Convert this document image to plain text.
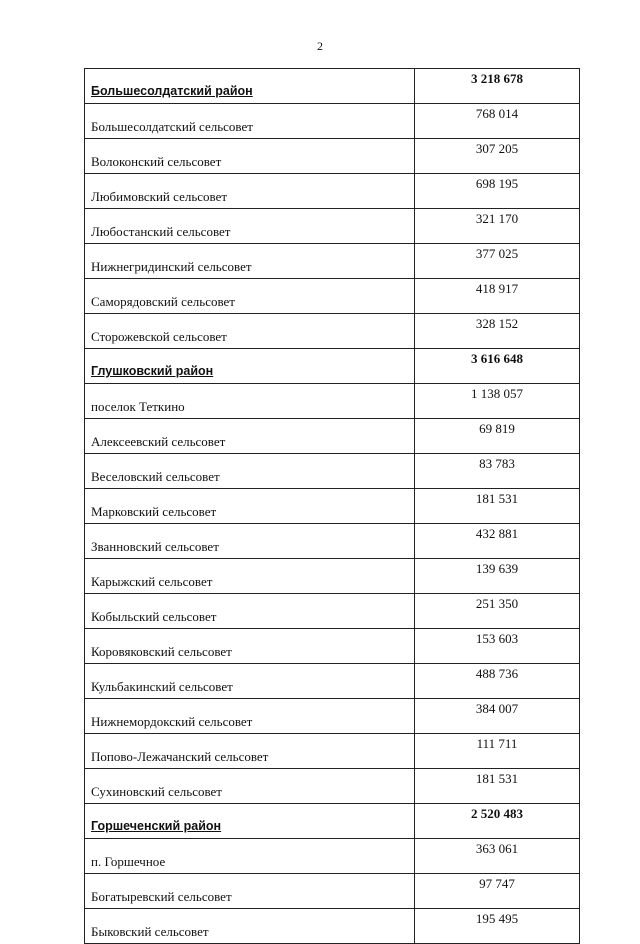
2
Большесолдатский район	3 218 678
Большесолдатский сельсовет	768 014
Волоконский сельсовет	307 205
Любимовский сельсовет	698 195
Любостанский сельсовет	321 170
Нижнегридинский сельсовет	377 025
Саморядовский сельсовет	418 917
Сторожевской сельсовет	328 152
Глушковский район	3 616 648
поселок Теткино	1 138 057
Алексеевский сельсовет	69 819
Веселовский сельсовет	83 783
Марковский сельсовет	181 531
Званновский сельсовет	432 881
Карыжский сельсовет	139 639
Кобыльский сельсовет	251 350
Коровяковский сельсовет	153 603
Кульбакинский сельсовет	488 736
Нижнемордокский сельсовет	384 007
Попово-Лежачанский сельсовет	111 711
Сухиновский сельсовет	181 531
Горшеченский район	2 520 483
п. Горшечное	363 061
Богатыревский сельсовет	97 747
Быковский сельсовет	195 495
